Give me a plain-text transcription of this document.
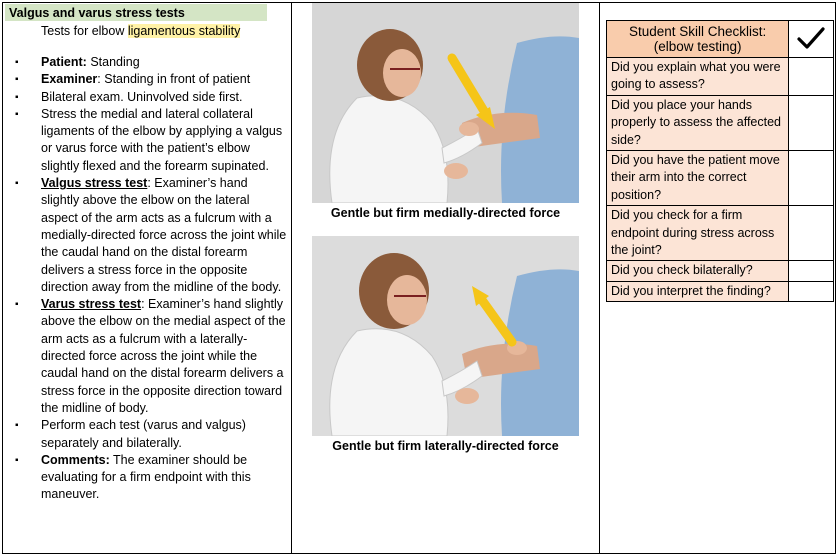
Valgus and varus stress tests
Tests for elbow ligamentous stability
▪ Patient: Standing
▪ Examiner: Standing in front of patient
▪ Bilateral exam. Uninvolved side first.
▪ Stress the medial and lateral collateral ligaments of the elbow by applying a valgus or varus force with the patient’s elbow slightly flexed and the forearm supinated.
▪ Valgus stress test: Examiner’s hand slightly above the elbow on the lateral aspect of the arm acts as a fulcrum with a medially-directed force across the joint while the caudal hand on the distal forearm delivers a stress force in the opposite direction away from the midline of the body.
▪ Varus stress test: Examiner’s hand slightly above the elbow on the medial aspect of the arm acts as a fulcrum with a laterally-directed force across the joint while the caudal hand on the distal forearm delivers a stress force in the opposite direction toward the midline of body.
▪ Perform each test (varus and valgus) separately and bilaterally.
▪ Comments: The examiner should be evaluating for a firm endpoint with this maneuver.
Gentle but firm medially-directed force
Gentle but firm laterally-directed force
Student Skill Checklist: (elbow testing)	
Did you explain what you were going to assess?	
Did you place your hands properly to assess the affected side?	
Did you have the patient move their arm into the correct position?	
Did you check for a firm endpoint during stress across the joint?	
Did you check bilaterally?	
Did you interpret the finding?	
